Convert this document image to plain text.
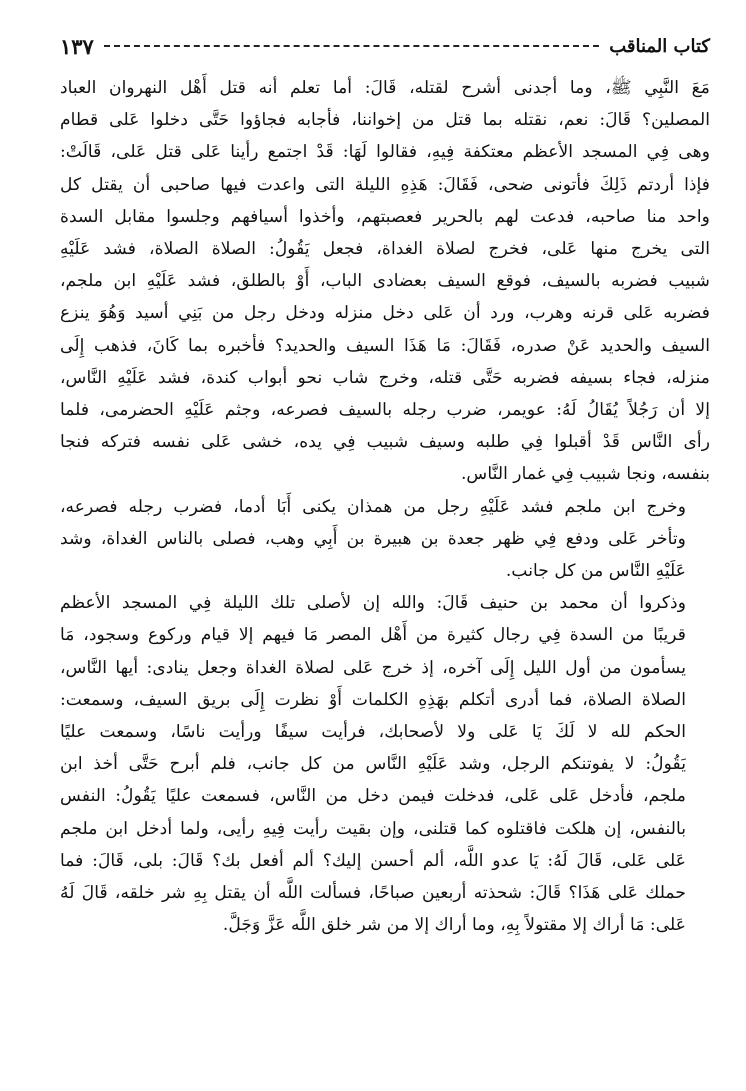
١٣٧	كتاب المناقب
مَعَ النَّبِي ﷺ، وما أجدنى أشرح لقتله، قَالَ: أما تعلم أنه قتل أَهْل النهروان العباد
المصلين؟ قَالَ: نعم، نقتله بما قتل من إخواننا، فأجابه فجاؤوا حَتَّى دخلوا عَلى قطام
وهى فِي المسجد الأعظم معتكفة فِيهِ، فقالوا لَهَا: قَدْ اجتمع رأينا عَلى قتل عَلى، قَالَتْ:
فإذا أردتم ذَلِكَ فأتونى ضحى، فَقَالَ: هَذِهِ الليلة التى واعدت فيها صاحبى أن يقتل كل
واحد منا صاحبه، فدعت لهم بالحرير فعصبتهم، وأخذوا أسيافهم وجلسوا مقابل السدة
التى يخرج منها عَلى، فخرج لصلاة الغداة، فجعل يَقُولُ: الصلاة الصلاة، فشد عَلَيْهِ
شبيب فضربه بالسيف، فوقع السيف بعضادى الباب، أَوْ بالطلق، فشد عَلَيْهِ ابن ملجم،
فضربه عَلى قرنه وهرب، ورد أن عَلى دخل منزله ودخل رجل من بَنِي أسيد وَهُوَ ينزع
السيف والحديد عَنْ صدره، فَقَالَ: مَا هَذَا السيف والحديد؟ فأخبره بما كَانَ، فذهب إِلَى
منزله، فجاء بسيفه فضربه حَتَّى قتله، وخرج شاب نحو أبواب كندة، فشد عَلَيْهِ النَّاس،
إلا أن رَجُلاً يُقَالُ لَهُ: عويمر، ضرب رجله بالسيف فصرعه، وجثم عَلَيْهِ الحضرمى، فلما
رأى النَّاس قَدْ أقبلوا فِي طلبه وسيف شبيب فِي يده، خشى عَلى نفسه فتركه فنجا
بنفسه، ونجا شبيب فِي غمار النَّاس.
وخرج ابن ملجم فشد عَلَيْهِ رجل من همذان يكنى أَبَا أدما، فضرب رجله فصرعه،
وتأخر عَلى ودفع فِي ظهر جعدة بن هبيرة بن أَبِي وهب، فصلى بالناس الغداة، وشد
عَلَيْهِ النَّاس من كل جانب.
وذكروا أن محمد بن حنيف قَالَ: والله إن لأصلى تلك الليلة فِي المسجد الأعظم
قريبًا من السدة فِي رجال كثيرة من أَهْل المصر مَا فيهم إلا قيام وركوع وسجود، مَا
يسأمون من أول الليل إِلَى آخره، إذ خرج عَلى لصلاة الغداة وجعل ينادى: أيها النَّاس،
الصلاة الصلاة، فما أدرى أتكلم بهَذِهِ الكلمات أَوْ نظرت إِلَى بريق السيف، وسمعت:
الحكم لله لا لَكَ يَا عَلى ولا لأصحابك، فرأيت سيفًا ورأيت ناسًا، وسمعت عليًا
يَقُولُ: لا يفوتنكم الرجل، وشد عَلَيْهِ النَّاس من كل جانب، فلم أبرح حَتَّى أخذ ابن
ملجم، فأدخل عَلى عَلى، فدخلت فيمن دخل من النَّاس، فسمعت عليًا يَقُولُ: النفس
بالنفس، إن هلكت فاقتلوه كما قتلنى، وإن بقيت رأيت فِيهِ رأيى، ولما أدخل ابن ملجم
عَلى عَلى، قَالَ لَهُ: يَا عدو اللَّه، ألم أحسن إليك؟ ألم أفعل بك؟ قَالَ: بلى، قَالَ: فما
حملك عَلى هَذَا؟ قَالَ: شحذته أربعين صباحًا، فسألت اللَّه أن يقتل بِهِ شر خلقه، قَالَ لَهُ
عَلى: مَا أراك إلا مقتولاً بِهِ، وما أراك إلا من شر خلق اللَّه عَزَّ وَجَلَّ.
